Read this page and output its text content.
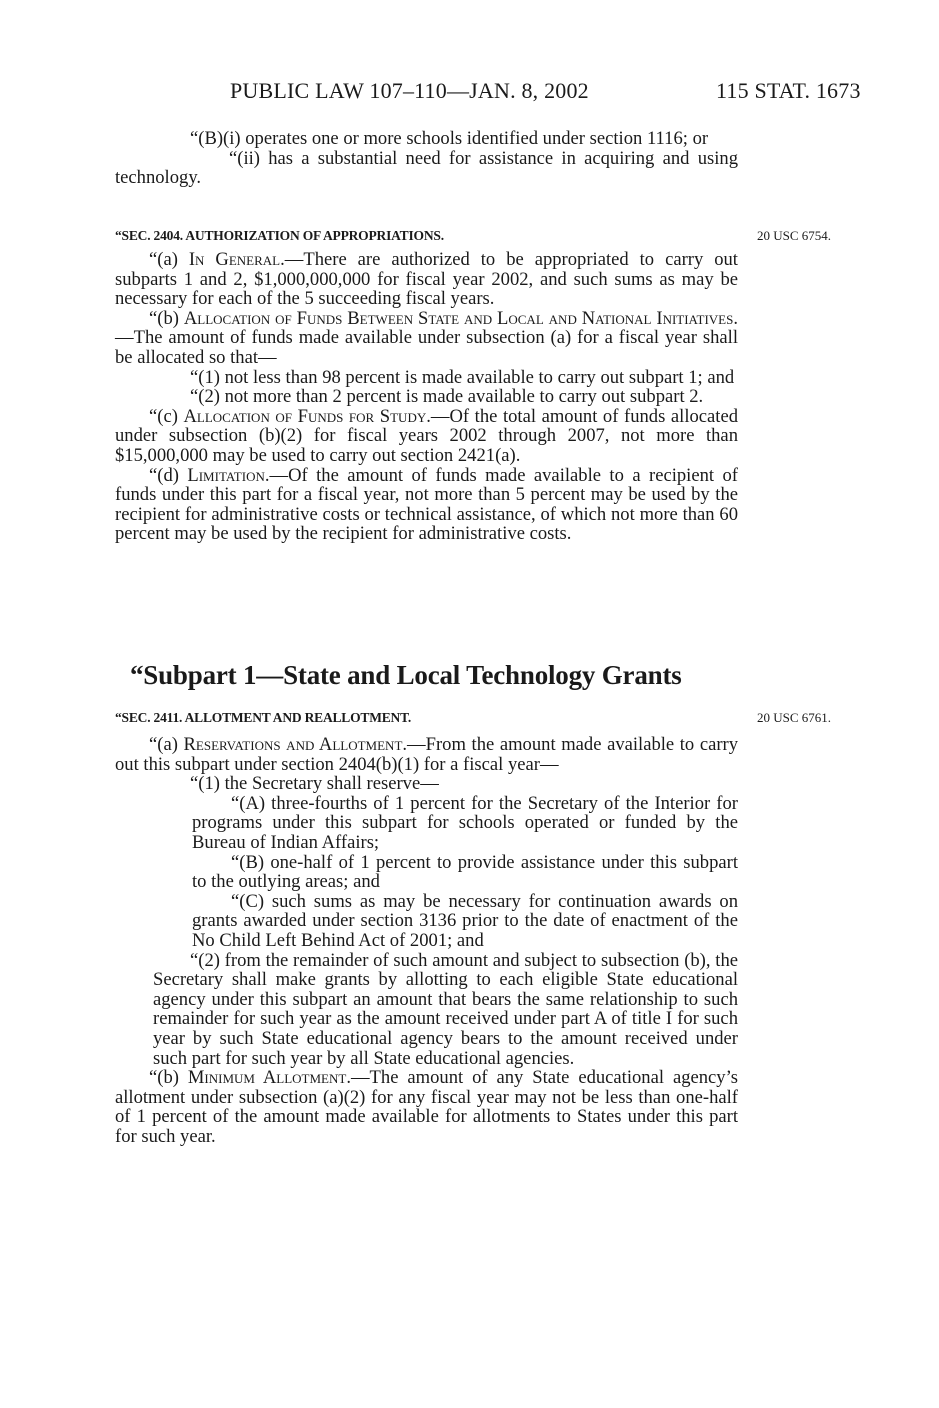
PUBLIC LAW 107–110—JAN. 8, 2002	115 STAT. 1673

“(B)(i) operates one or more schools identified under section 1116; or

“(ii) has a substantial need for assistance in acquiring and using technology.

“SEC. 2404. AUTHORIZATION OF APPROPRIATIONS.	20 USC 6754.

“(a) In General.—There are authorized to be appropriated to carry out subparts 1 and 2, $1,000,000,000 for fiscal year 2002, and such sums as may be necessary for each of the 5 succeeding fiscal years.

“(b) Allocation of Funds Between State and Local and National Initiatives.—The amount of funds made available under subsection (a) for a fiscal year shall be allocated so that—

“(1) not less than 98 percent is made available to carry out subpart 1; and

“(2) not more than 2 percent is made available to carry out subpart 2.

“(c) Allocation of Funds for Study.—Of the total amount of funds allocated under subsection (b)(2) for fiscal years 2002 through 2007, not more than $15,000,000 may be used to carry out section 2421(a).

“(d) Limitation.—Of the amount of funds made available to a recipient of funds under this part for a fiscal year, not more than 5 percent may be used by the recipient for administrative costs or technical assistance, of which not more than 60 percent may be used by the recipient for administrative costs.

“Subpart 1—State and Local Technology Grants
“SEC. 2411. ALLOTMENT AND REALLOTMENT.	20 USC 6761.

“(a) Reservations and Allotment.—From the amount made available to carry out this subpart under section 2404(b)(1) for a fiscal year—

“(1) the Secretary shall reserve—

“(A) three-fourths of 1 percent for the Secretary of the Interior for programs under this subpart for schools operated or funded by the Bureau of Indian Affairs;

“(B) one-half of 1 percent to provide assistance under this subpart to the outlying areas; and

“(C) such sums as may be necessary for continuation awards on grants awarded under section 3136 prior to the date of enactment of the No Child Left Behind Act of 2001; and

“(2) from the remainder of such amount and subject to subsection (b), the Secretary shall make grants by allotting to each eligible State educational agency under this subpart an amount that bears the same relationship to such remainder for such year as the amount received under part A of title I for such year by such State educational agency bears to the amount received under such part for such year by all State educational agencies.

“(b) Minimum Allotment.—The amount of any State educational agency’s allotment under subsection (a)(2) for any fiscal year may not be less than one-half of 1 percent of the amount made available for allotments to States under this part for such year.
